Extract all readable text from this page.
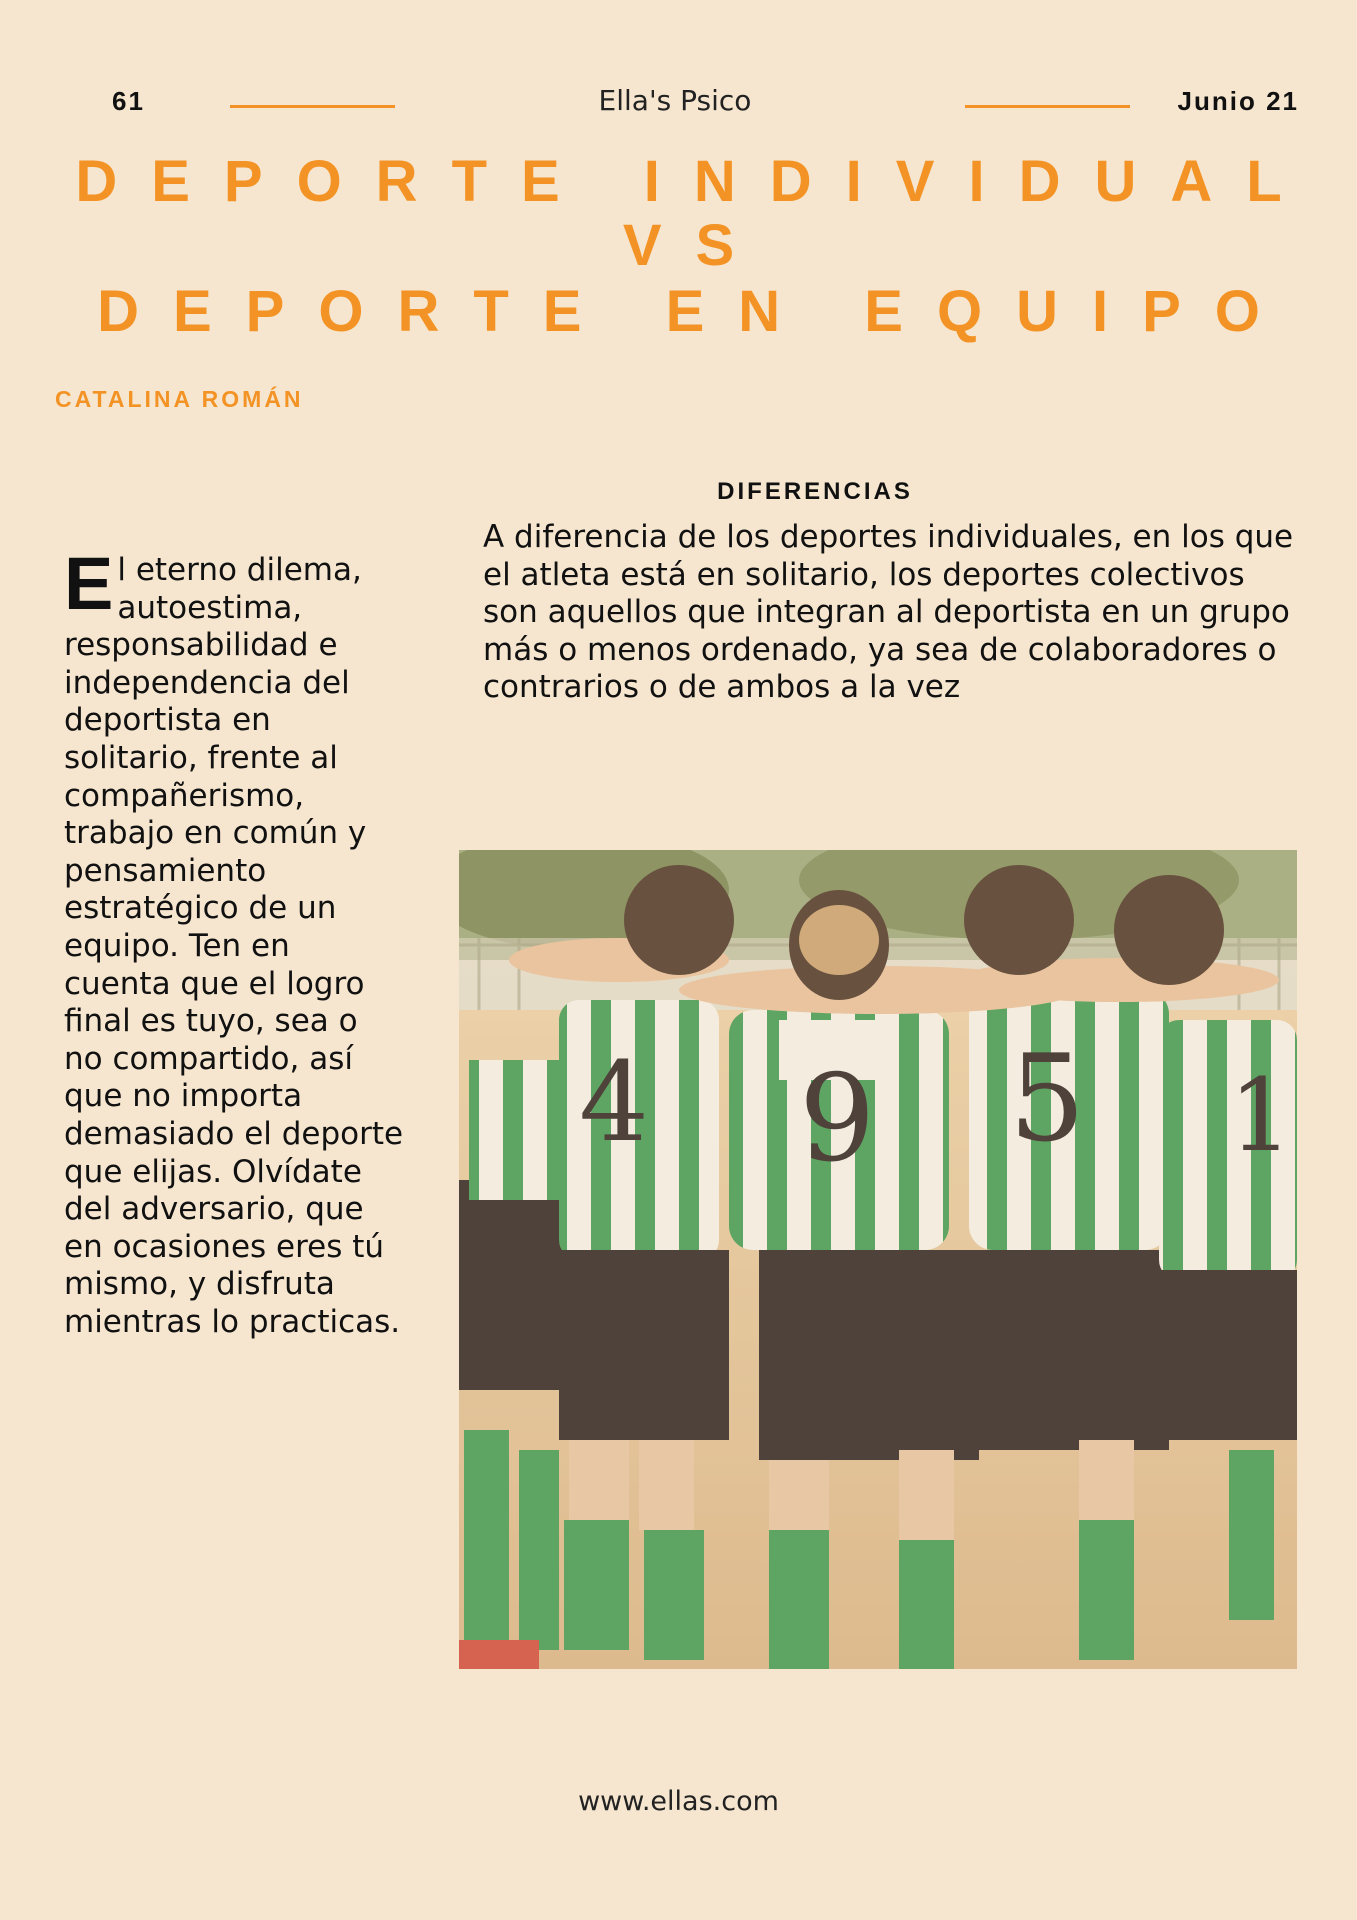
61	Ella's Psico	Junio 21
DEPORTE INDIVIDUAL
VS
DEPORTE EN EQUIPO
CATALINA ROMÁN
El eterno dilema, autoestima, responsabilidad e independencia del deportista en solitario, frente al compañerismo, trabajo en común y pensamiento estratégico de un equipo. Ten en cuenta que el logro final es tuyo, sea o no compartido, así que no importa demasiado el deporte que elijas. Olvídate del adversario, que en ocasiones eres tú mismo, y disfruta mientras lo practicas.
DIFERENCIAS

A diferencia de los deportes individuales, en los que el atleta está en solitario, los deportes colectivos son aquellos que integran al deportista en un grupo más o menos ordenado, ya sea de colaboradores o contrarios o de ambos a la vez

4 9 5 1
www.ellas.com
